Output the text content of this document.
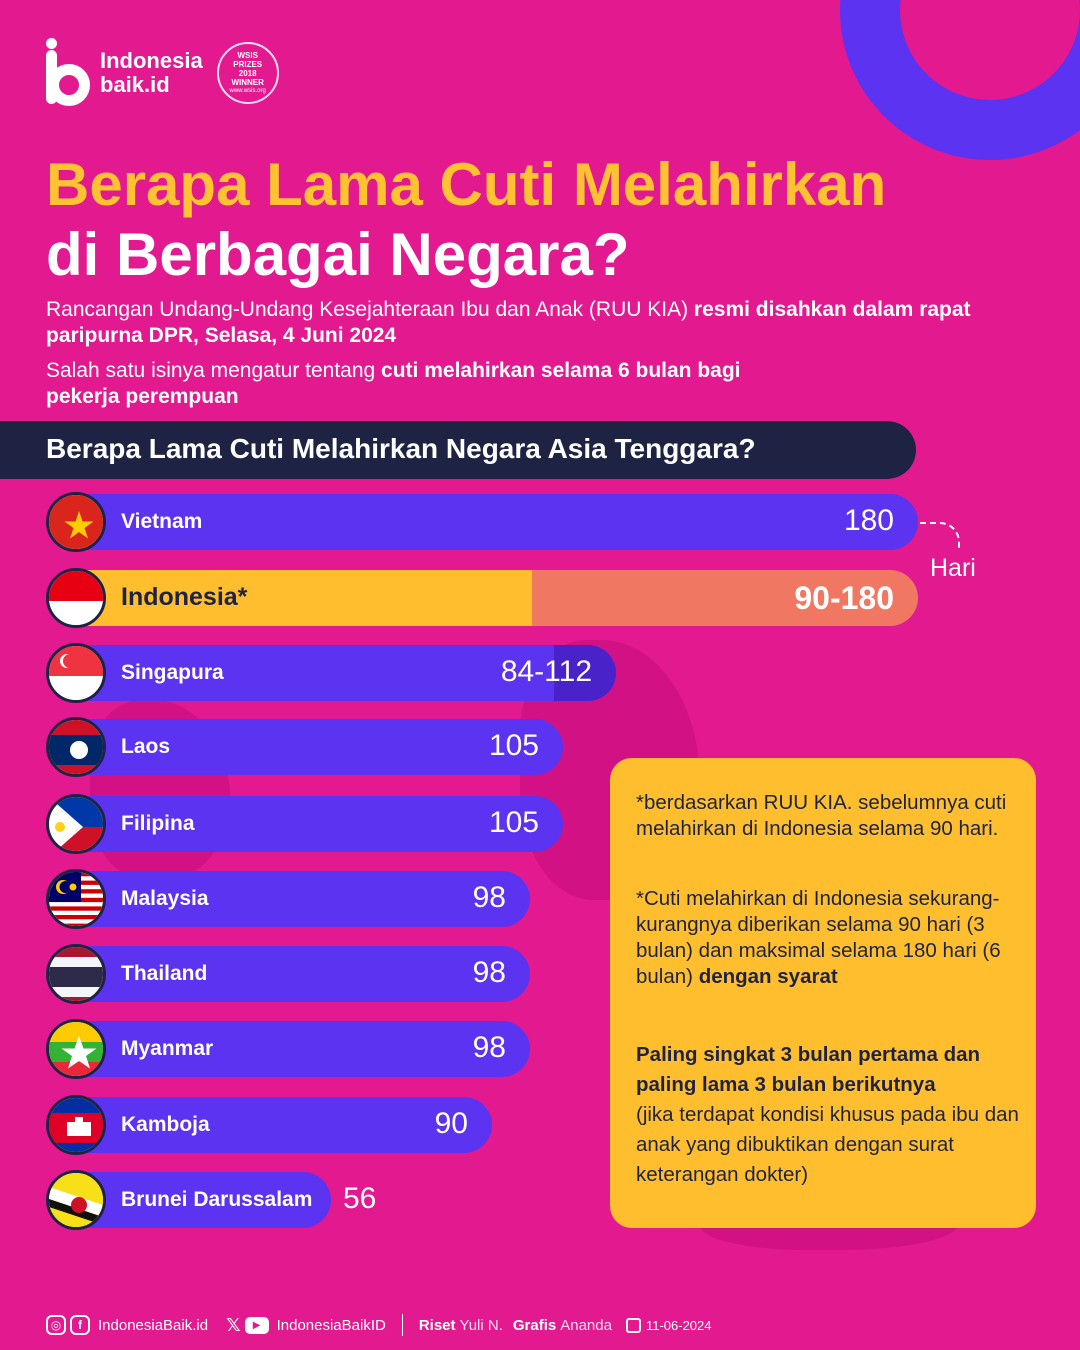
Indonesia
baik.id
WSIS
PRIZES
2018
WINNER
www.wsis.org
Berapa Lama Cuti Melahirkan
di Berbagai Negara?
Rancangan Undang-Undang Kesejahteraan Ibu dan Anak (RUU KIA) resmi disahkan dalam rapat paripurna DPR, Selasa, 4 Juni 2024
Salah satu isinya mengatur tentang cuti melahirkan selama 6 bulan bagi pekerja perempuan
Berapa Lama Cuti Melahirkan Negara Asia Tenggara?
Vietnam	180
Indonesia*	90-180
Singapura	84-112
Laos	105
Filipina	105
Malaysia	98
Thailand	98
Myanmar	98
Kamboja	90
Brunei Darussalam 56
Hari

*berdasarkan RUU KIA. sebelumnya cuti melahirkan di Indonesia selama 90 hari.

*Cuti melahirkan di Indonesia sekurang-kurangnya diberikan selama 90 hari (3 bulan) dan maksimal selama 180 hari (6 bulan) dengan syarat

Paling singkat 3 bulan pertama dan paling lama 3 bulan berikutnya
(jika terdapat kondisi khusus pada ibu dan anak yang dibuktikan dengan surat keterangan dokter)

◎	f	IndonesiaBaik.id 𝕏	▶	IndonesiaBaikID Riset Yuli N. Grafis Ananda	11-06-2024
